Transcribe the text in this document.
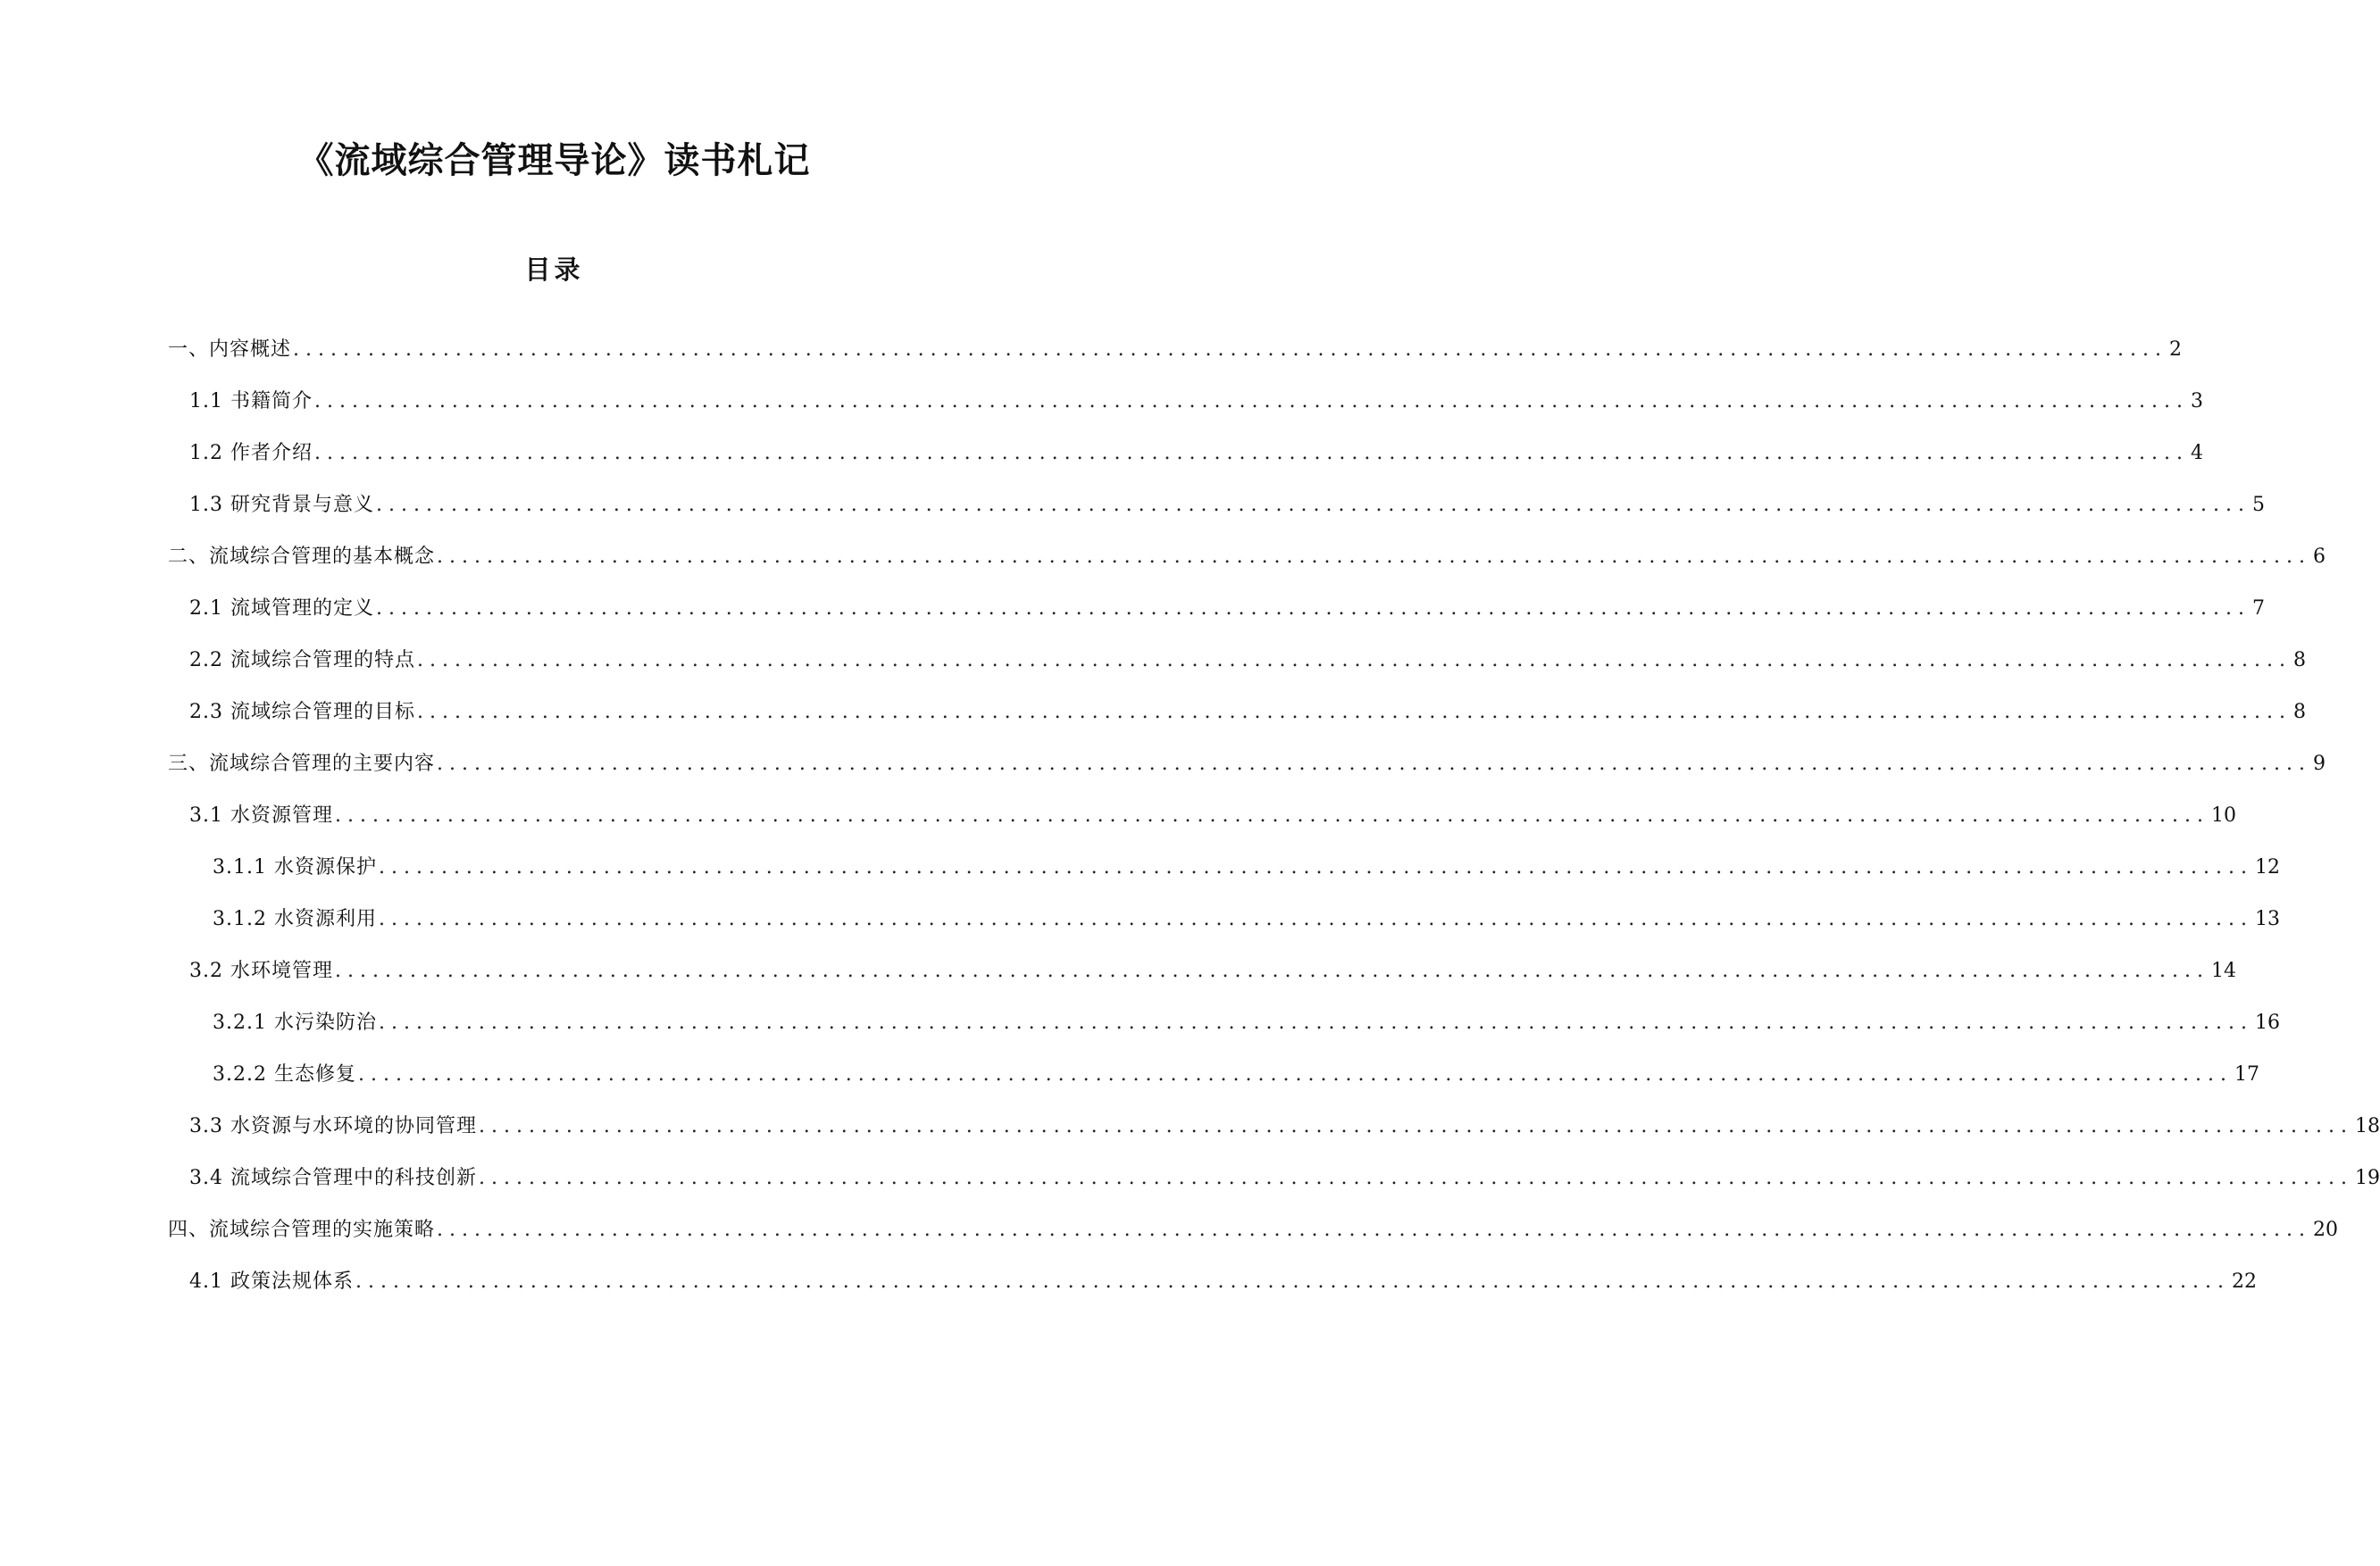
《流域综合管理导论》读书札记
目录
一、内容概述 ...................................................................................................................................................... 2
1.1 书籍简介 ...................................................................................................................................................... 3
1.2 作者介绍 ...................................................................................................................................................... 4
1.3 研究背景与意义 ...................................................................................................................................................... 5
二、流域综合管理的基本概念 ...................................................................................................................................................... 6
2.1 流域管理的定义 ...................................................................................................................................................... 7
2.2 流域综合管理的特点 ...................................................................................................................................................... 8
2.3 流域综合管理的目标 ...................................................................................................................................................... 8
三、流域综合管理的主要内容 ...................................................................................................................................................... 9
3.1 水资源管理 ...................................................................................................................................................... 10
3.1.1 水资源保护 ...................................................................................................................................................... 12
3.1.2 水资源利用 ...................................................................................................................................................... 13
3.2 水环境管理 ...................................................................................................................................................... 14
3.2.1 水污染防治 ...................................................................................................................................................... 16
3.2.2 生态修复 ...................................................................................................................................................... 17
3.3 水资源与水环境的协同管理 ...................................................................................................................................................... 18
3.4 流域综合管理中的科技创新 ...................................................................................................................................................... 19
四、流域综合管理的实施策略 ...................................................................................................................................................... 20
4.1 政策法规体系 ...................................................................................................................................................... 22
